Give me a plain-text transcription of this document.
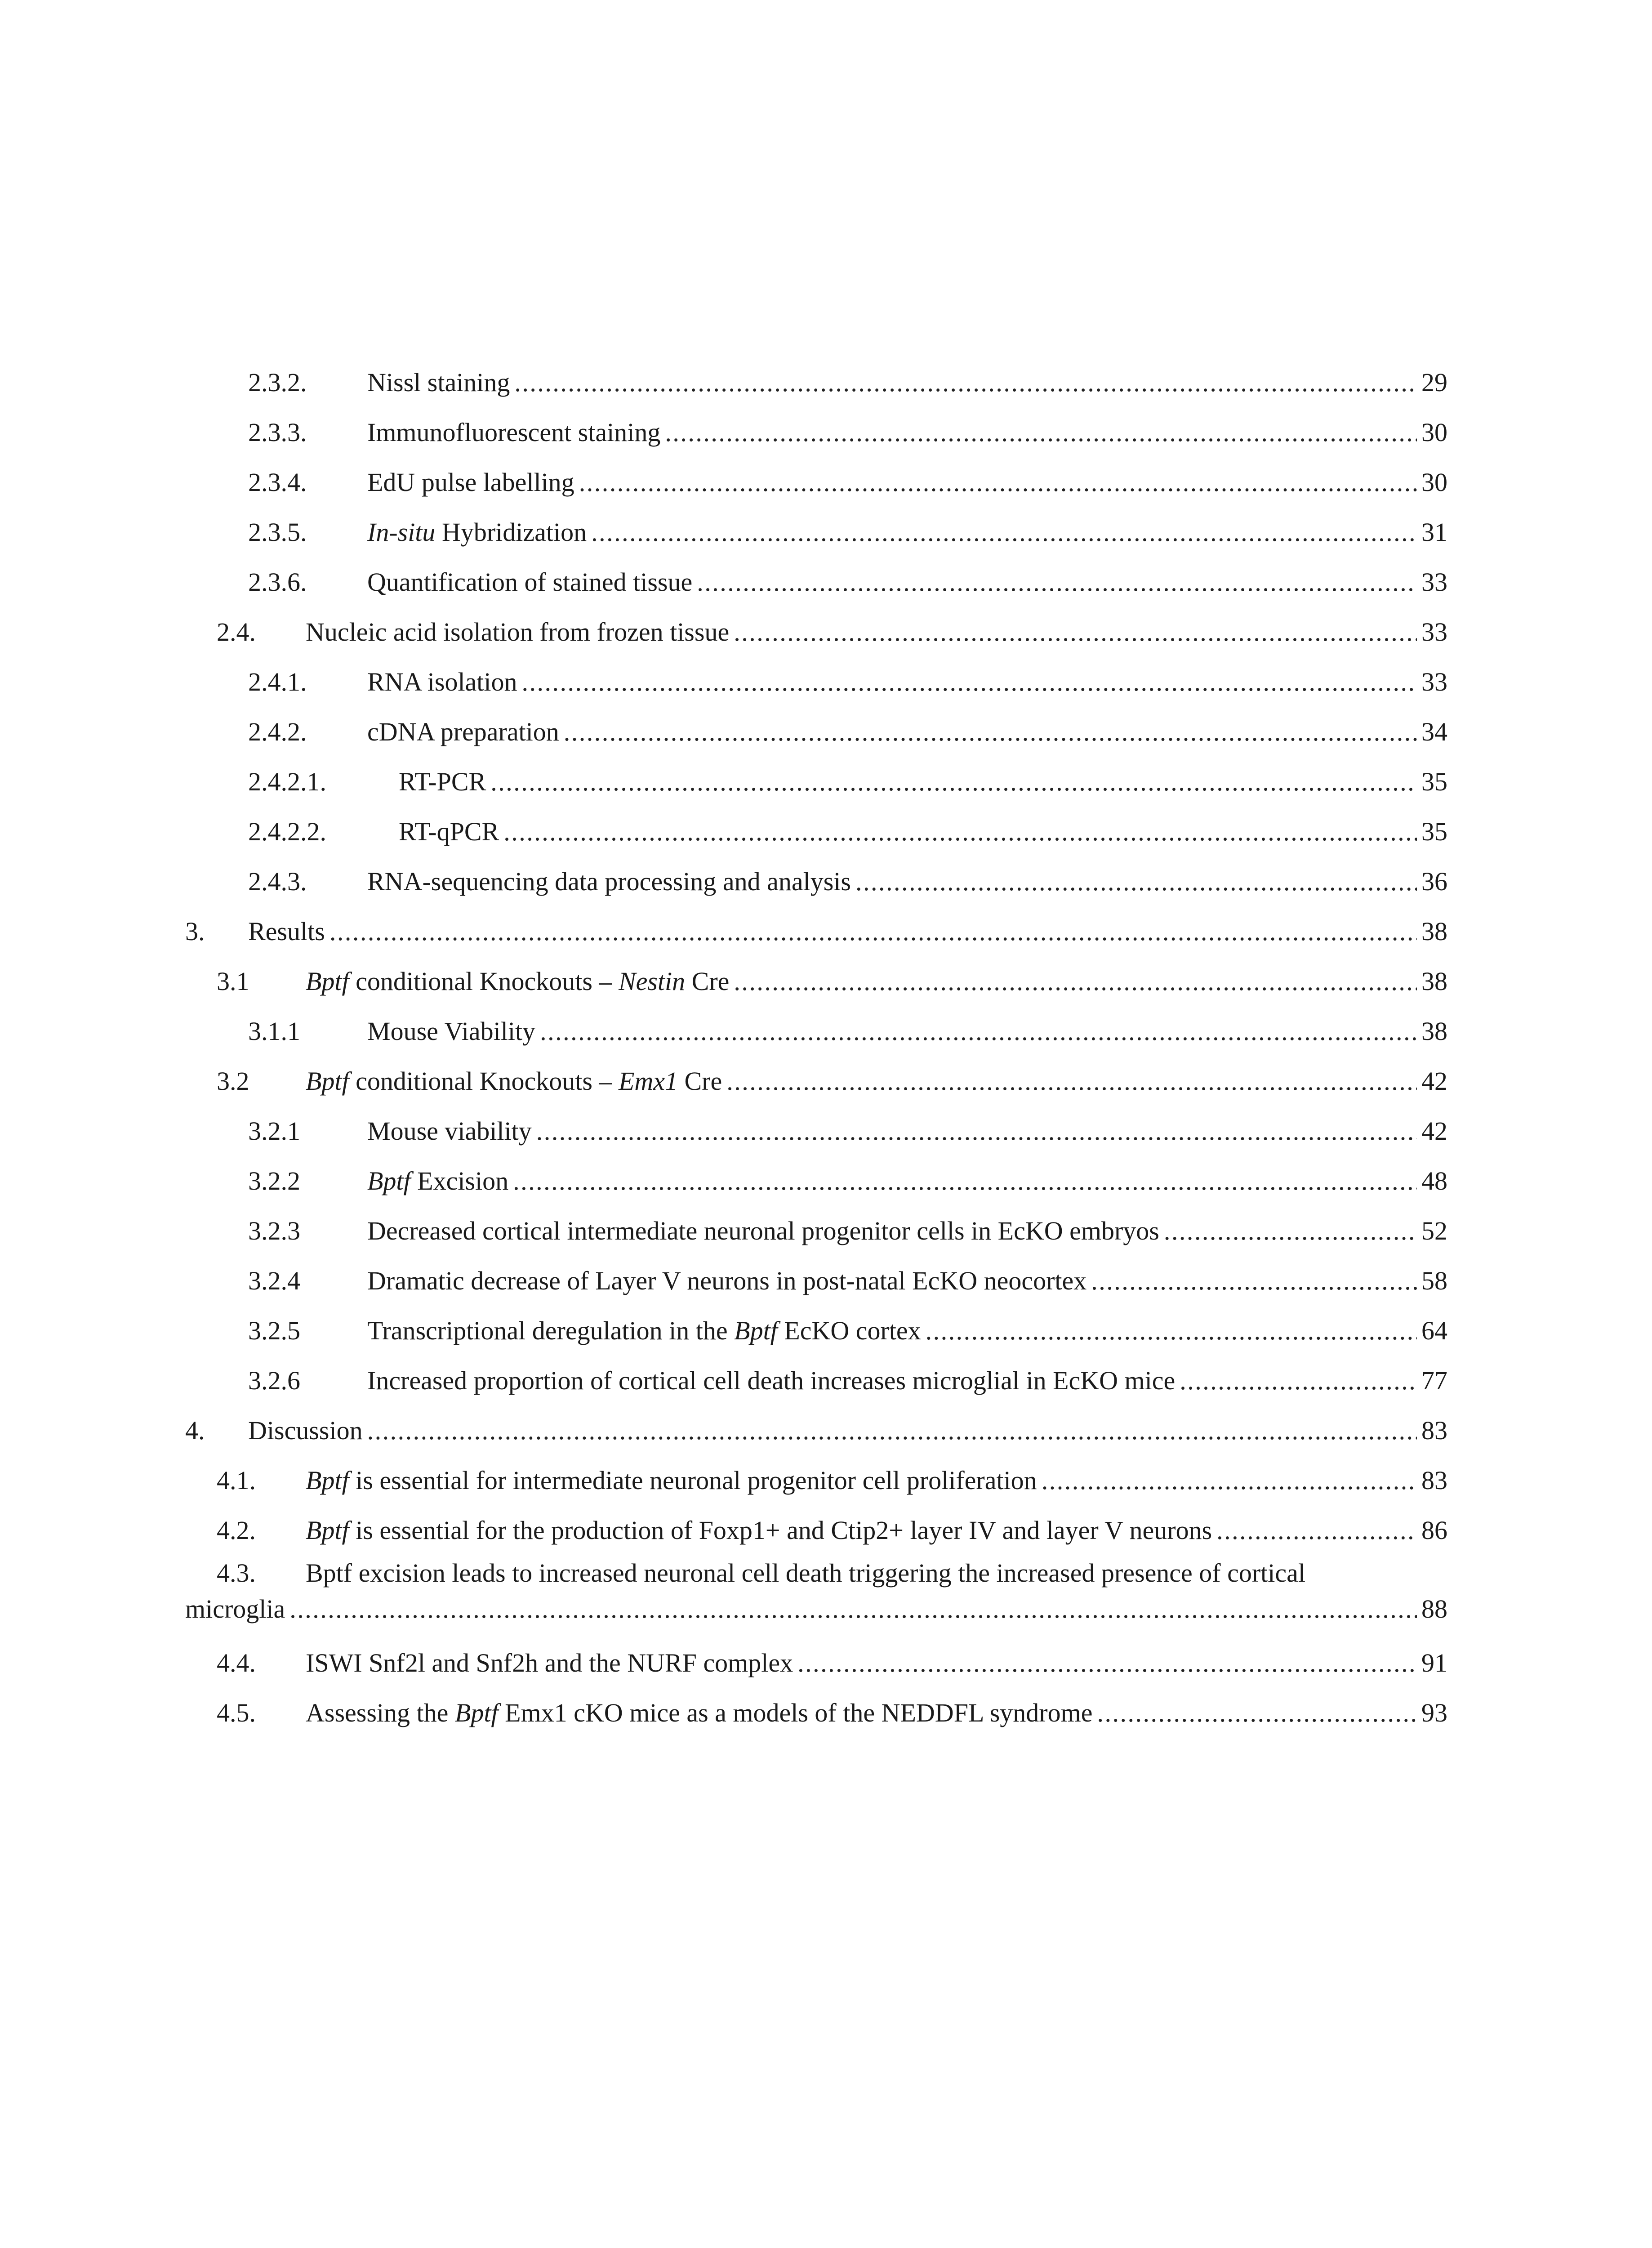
2.3.2.	Nissl staining . . .	29
2.3.3.	Immunofluorescent staining . . .	30
2.3.4.	EdU pulse labelling . . .	30
2.3.5.	In-situ Hybridization . . .	31
2.3.6.	Quantification of stained tissue . . .	33
2.4.	Nucleic acid isolation from frozen tissue . . .	33
2.4.1.	RNA isolation . . .	33
2.4.2.	cDNA preparation . . .	34
2.4.2.1.	RT-PCR . . .	35
2.4.2.2.	RT-qPCR . . .	35
2.4.3.	RNA-sequencing data processing and analysis . . .	36
3.	Results . . .	38
3.1	Bptf conditional Knockouts – Nestin Cre . . .	38
3.1.1	Mouse Viability . . .	38
3.2	Bptf conditional Knockouts – Emx1 Cre . . .	42
3.2.1	Mouse viability . . .	42
3.2.2	Bptf Excision . . .	48
3.2.3	Decreased cortical intermediate neuronal progenitor cells in EcKO embryos . . .	52
3.2.4	Dramatic decrease of Layer V neurons in post-natal EcKO neocortex . . .	58
3.2.5	Transcriptional deregulation in the Bptf EcKO cortex . . .	64
3.2.6	Increased proportion of cortical cell death increases microglial in EcKO mice . . .	77
4.	Discussion . . .	83
4.1.	Bptf is essential for intermediate neuronal progenitor cell proliferation . . .	83
4.2.	Bptf is essential for the production of Foxp1+ and Ctip2+ layer IV and layer V neurons . . .	86
4.3.	Bptf excision leads to increased neuronal cell death triggering the increased presence of cortical
microglia . . .	88
4.4.	ISWI Snf2l and Snf2h and the NURF complex . . .	91
4.5.	Assessing the Bptf Emx1 cKO mice as a models of the NEDDFL syndrome . . .	93
